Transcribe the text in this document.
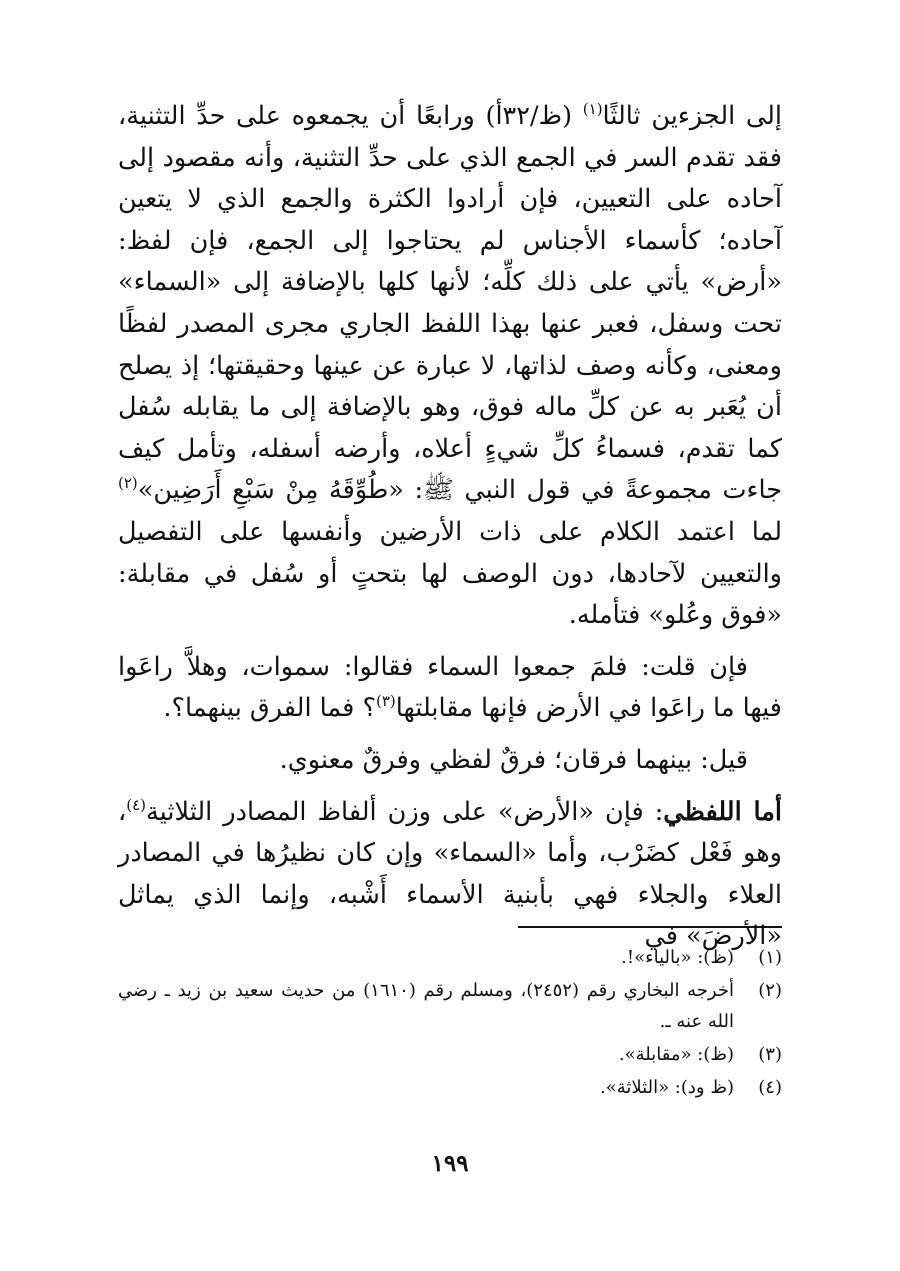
إلى الجزءين ثالثًا$^{(١)}$ (ظ/٣٢أ) ورابعًا أن يجمعوه على حدِّ التثنية، فقد تقدم السر في الجمع الذي على حدِّ التثنية، وأنه مقصود إلى آحاده على التعيين، فإن أرادوا الكثرة والجمع الذي لا يتعين آحاده؛ كأسماء الأجناس لم يحتاجوا إلى الجمع، فإن لفظ: «أرض» يأتي على ذلك كلِّه؛ لأنها كلها بالإضافة إلى «السماء» تحت وسفل، فعبر عنها بهذا اللفظ الجاري مجرى المصدر لفظًا ومعنى، وكأنه وصف لذاتها، لا عبارة عن عينها وحقيقتها؛ إذ يصلح أن يُعَبر به عن كلِّ ماله فوق، وهو بالإضافة إلى ما يقابله سُفل كما تقدم، فسماءُ كلِّ شيءٍ أعلاه، وأرضه أسفله، وتأمل كيف جاءت مجموعةً في قول النبي ﷺ: «طُوِّقَهُ مِنْ سَبْعِ أَرَضِين»$^{(٢)}$ لما اعتمد الكلام على ذات الأرضين وأنفسها على التفصيل والتعيين لآحادها، دون الوصف لها بتحتٍ أو سُفل في مقابلة: «فوق وعُلو» فتأمله.

فإن قلت: فلمَ جمعوا السماء فقالوا: سموات، وهلاَّ راعَوا فيها ما راعَوا في الأرض فإنها مقابلتها$^{(٣)}$؟ فما الفرق بينهما؟.

قيل: بينهما فرقان؛ فرقٌ لفظي وفرقٌ معنوي.

أما اللفظي: فإن «الأرض» على وزن ألفاظ المصادر الثلاثية$^{(٤)}$، وهو فَعْل كضَرْب، وأما «السماء» وإن كان نظيرُها في المصادر العلاء والجلاء فهي بأبنية الأسماء أَشْبه، وإنما الذي يماثل «الأرضَ» في

(١)
(ظ): «بالياء»!.
(٢)
أخرجه البخاري رقم (٢٤٥٢)، ومسلم رقم (١٦١٠) من حديث سعيد بن زيد ـ رضي الله عنه ـ.
(٣)
(ظ): «مقابلة».
(٤)
(ظ ود): «الثلاثة».
١٩٩
